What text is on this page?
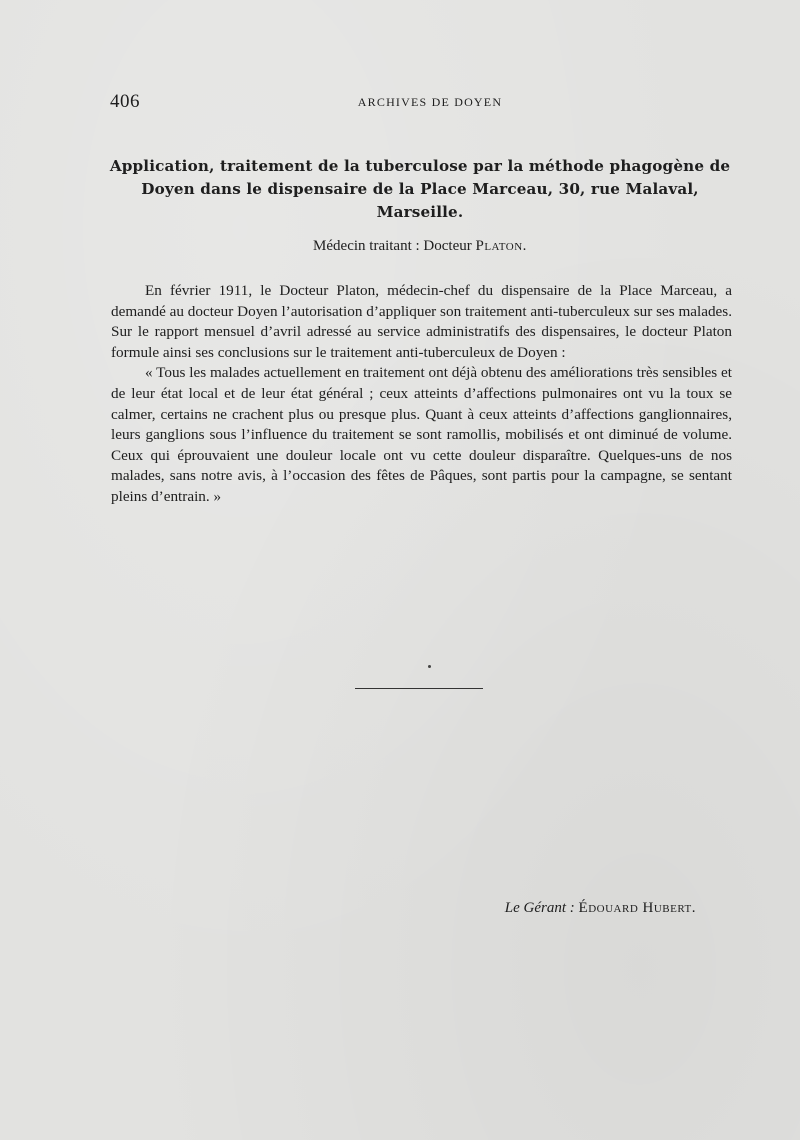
406	ARCHIVES DE DOYEN
Application, traitement de la tuberculose par la méthode phagogène de Doyen dans le dispensaire de la Place Marceau, 30, rue Malaval, Marseille.
Médecin traitant : Docteur Platon.

En février 1911, le Docteur Platon, médecin-chef du dispensaire de la Place Marceau, a demandé au docteur Doyen l’autorisation d’appliquer son traitement anti-tuberculeux sur ses malades. Sur le rapport mensuel d’avril adressé au service administratifs des dispensaires, le docteur Platon formule ainsi ses conclusions sur le traitement anti-tuberculeux de Doyen :

« Tous les malades actuellement en traitement ont déjà obtenu des améliorations très sensibles et de leur état local et de leur état général ; ceux atteints d’affections pulmonaires ont vu la toux se calmer, certains ne crachent plus ou presque plus. Quant à ceux atteints d’affections ganglionnaires, leurs ganglions sous l’influence du traitement se sont ramollis, mobilisés et ont diminué de volume. Ceux qui éprouvaient une douleur locale ont vu cette douleur disparaître. Quelques-uns de nos malades, sans notre avis, à l’occasion des fêtes de Pâques, sont partis pour la campagne, se sentant pleins d’entrain. »

Le Gérant : Édouard Hubert.
